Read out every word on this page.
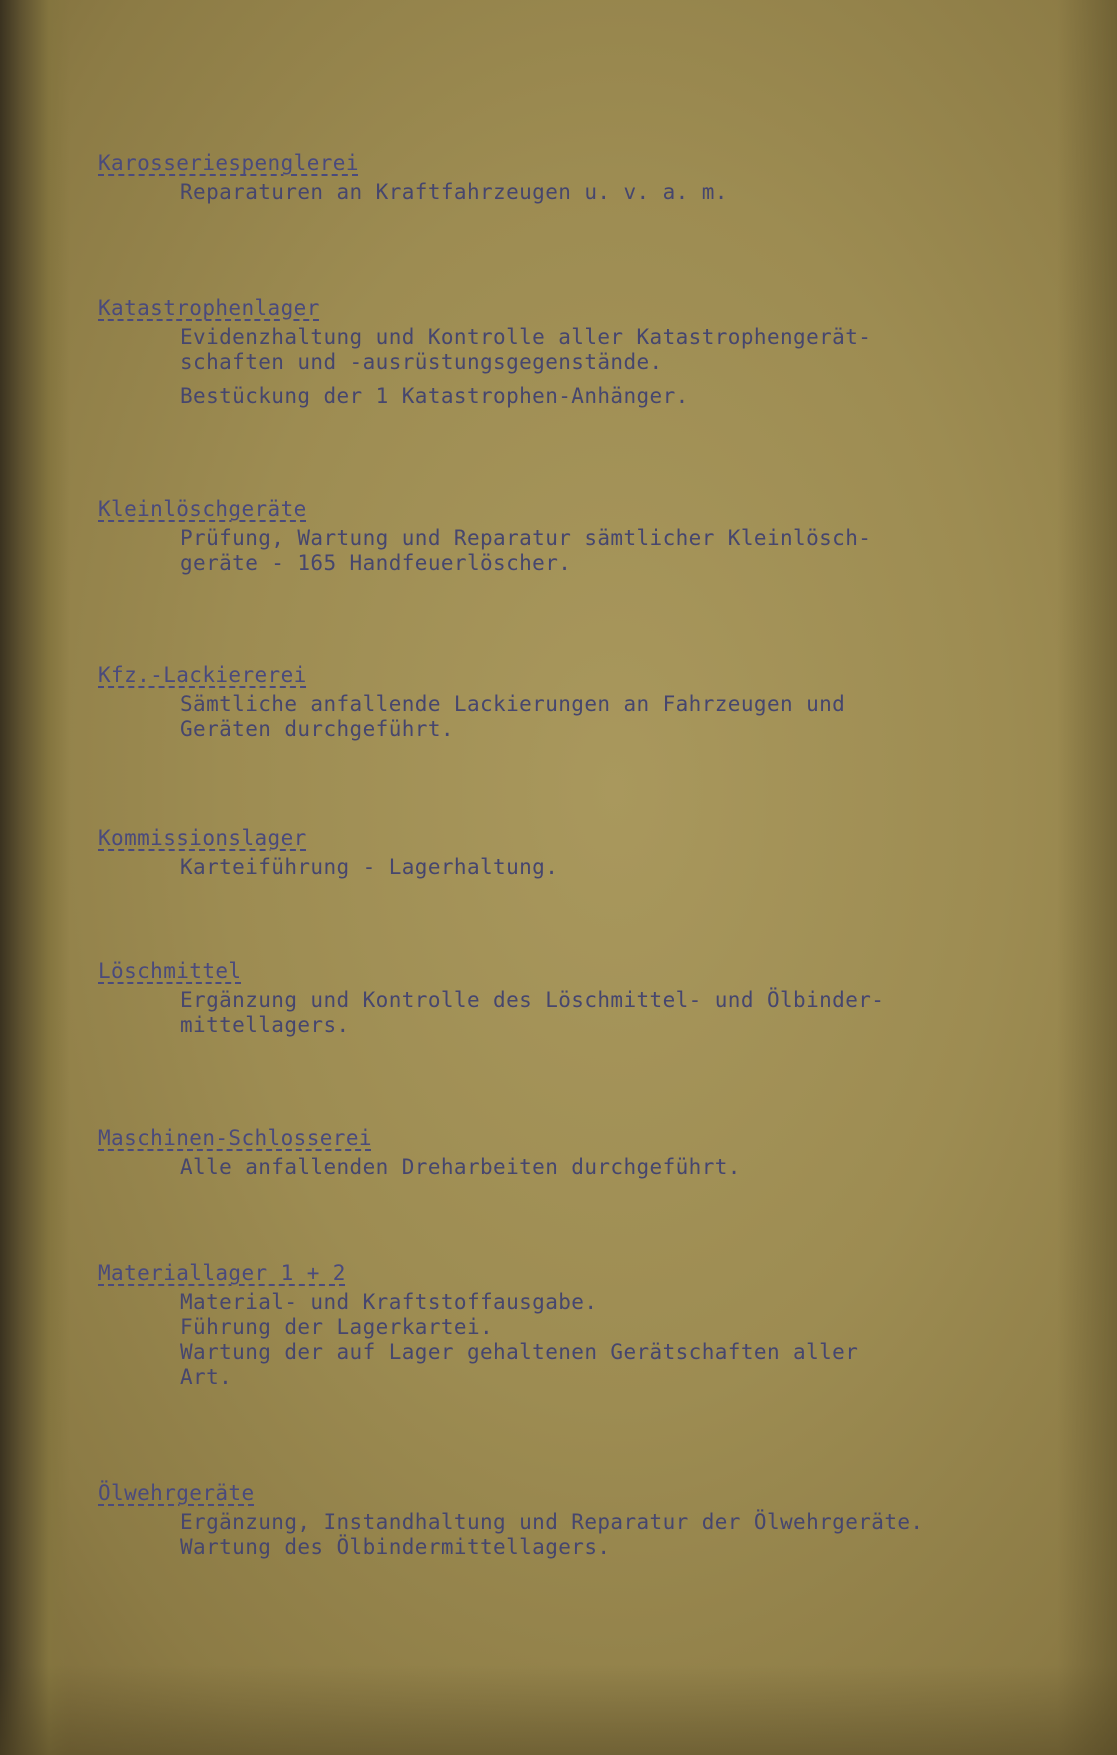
Karosseriespenglerei

Reparaturen an Kraftfahrzeugen u. v. a. m.

Katastrophenlager

Evidenzhaltung und Kontrolle aller Katastrophengerät-
schaften und -ausrüstungsgegenstände.
Bestückung der 1 Katastrophen-Anhänger.

Kleinlöschgeräte

Prüfung, Wartung und Reparatur sämtlicher Kleinlösch-
geräte - 165 Handfeuerlöscher.

Kfz.-Lackiererei

Sämtliche anfallende Lackierungen an Fahrzeugen und
Geräten durchgeführt.

Kommissionslager

Karteiführung - Lagerhaltung.

Löschmittel

Ergänzung und Kontrolle des Löschmittel- und Ölbinder-
mittellagers.

Maschinen-Schlosserei

Alle anfallenden Dreharbeiten durchgeführt.

Materiallager 1 + 2

Material- und Kraftstoffausgabe.
Führung der Lagerkartei.
Wartung der auf Lager gehaltenen Gerätschaften aller
Art.

Ölwehrgeräte

Ergänzung, Instandhaltung und Reparatur der Ölwehrgeräte.
Wartung des Ölbindermittellagers.
